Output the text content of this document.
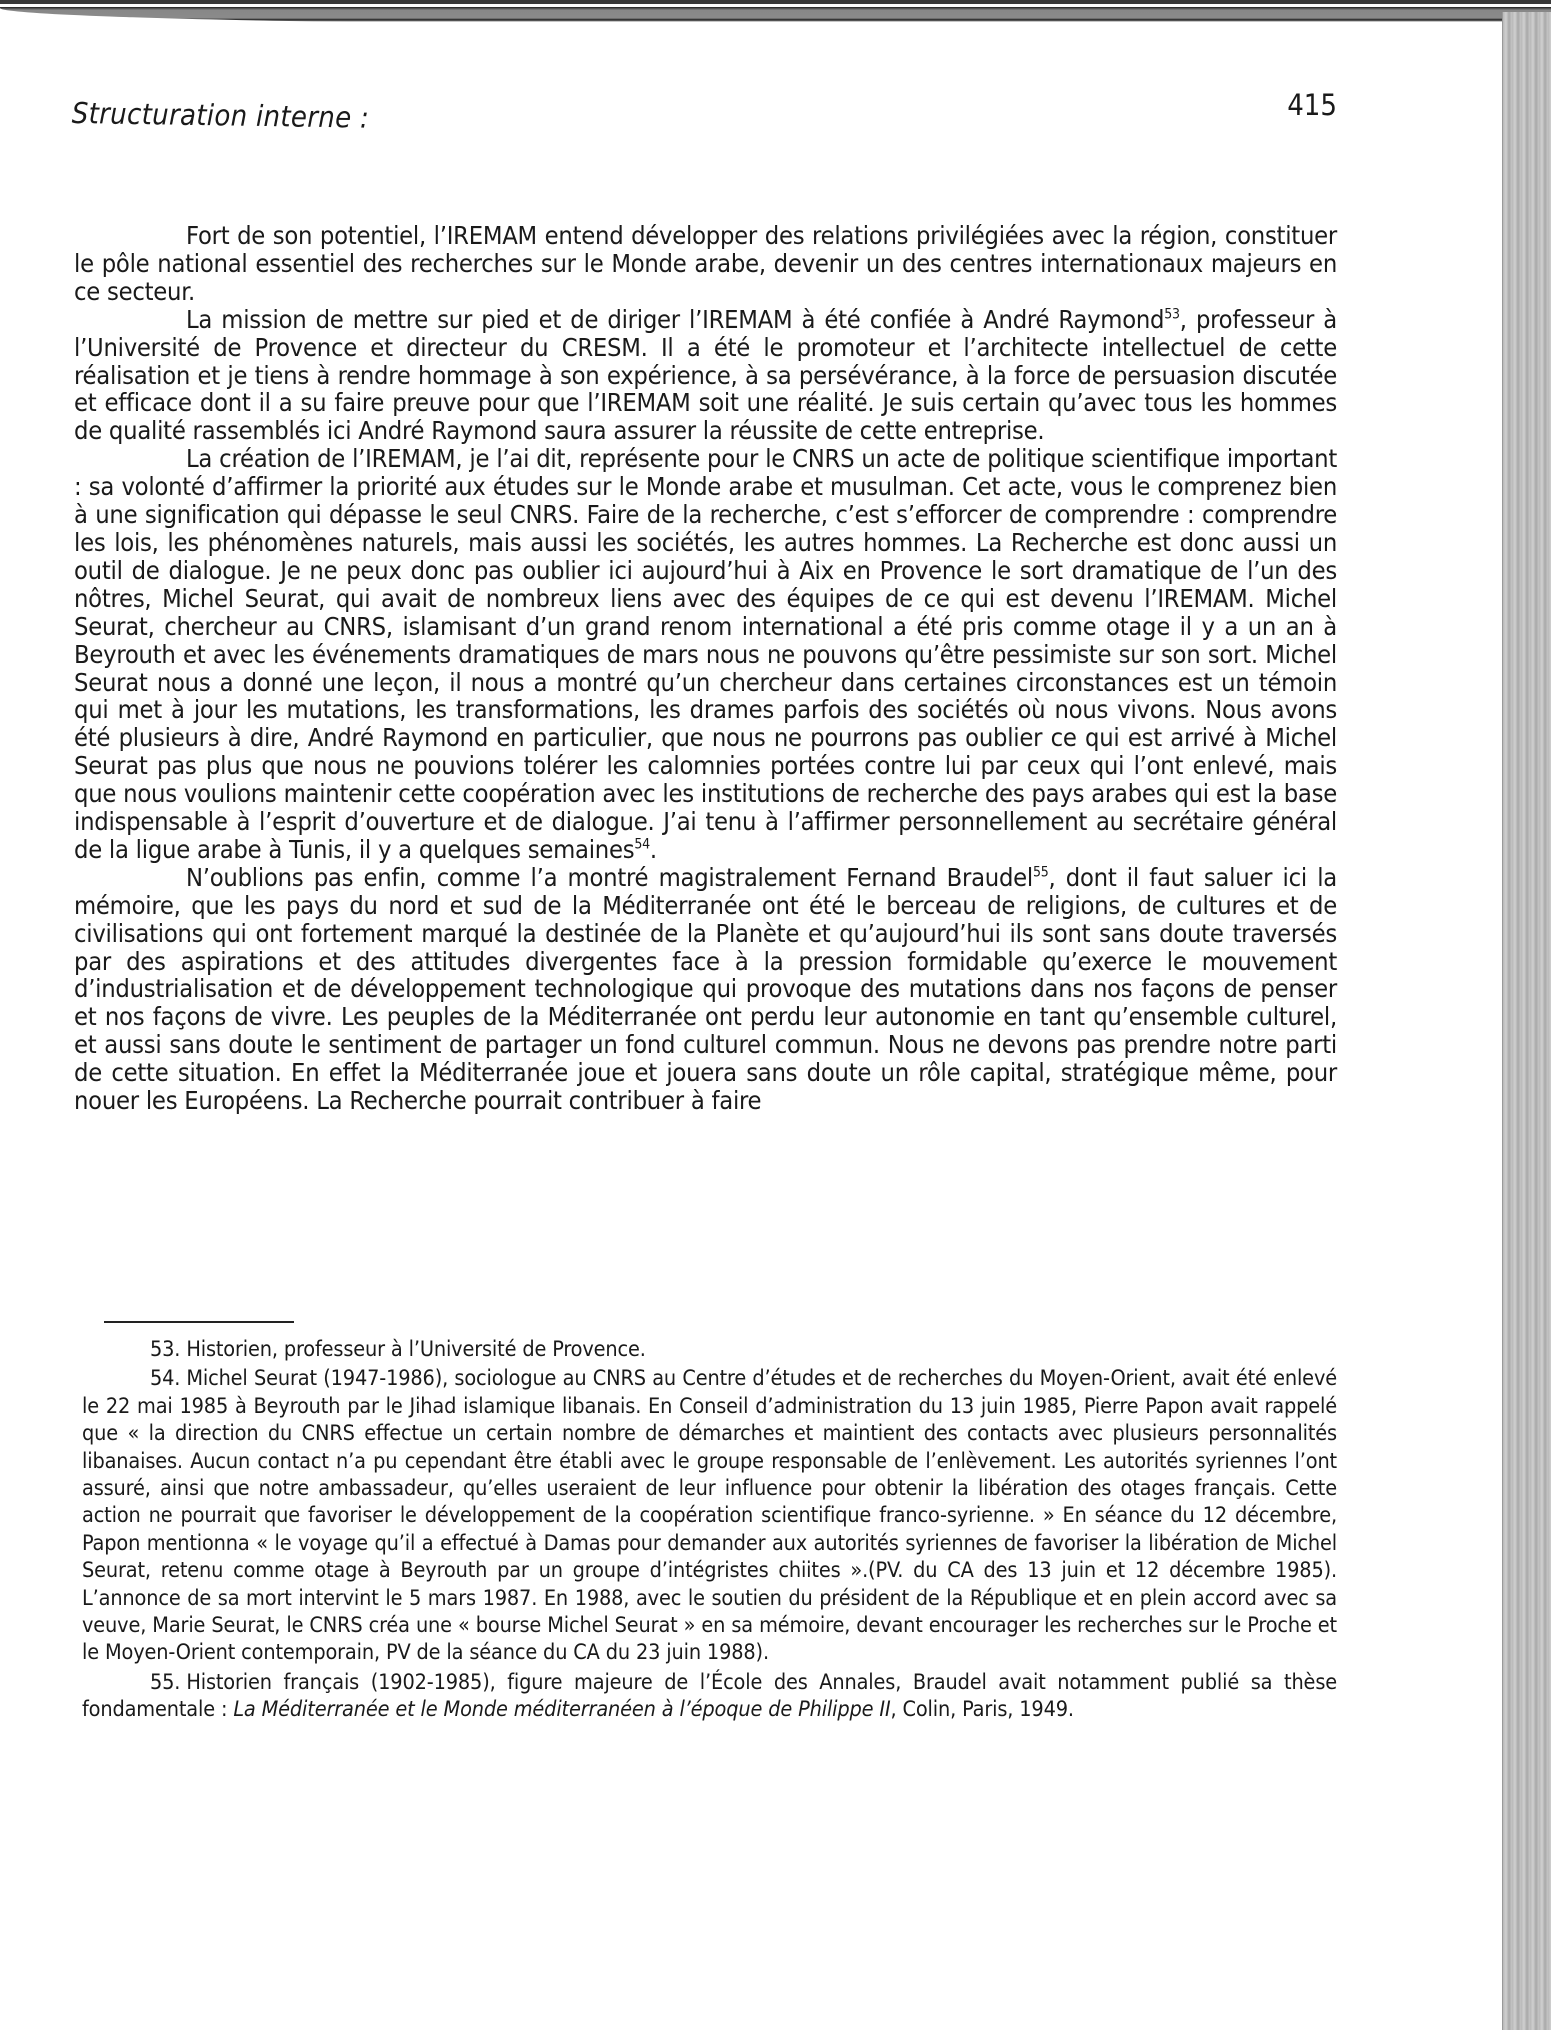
Structuration interne :	415

Fort de son potentiel, l’IREMAM entend développer des relations privilégiées avec la région, constituer le pôle national essentiel des recherches sur le Monde arabe, devenir un des centres internationaux majeurs en ce secteur.

La mission de mettre sur pied et de diriger l’IREMAM à été confiée à André Raymond$^{53}$, professeur à l’Université de Provence et directeur du CRESM. Il a été le promoteur et l’architecte intellectuel de cette réalisation et je tiens à rendre hommage à son expérience, à sa persévérance, à la force de persuasion discutée et efficace dont il a su faire preuve pour que l’IREMAM soit une réalité. Je suis certain qu’avec tous les hommes de qualité rassemblés ici André Raymond saura assurer la réussite de cette entreprise.

La création de l’IREMAM, je l’ai dit, représente pour le CNRS un acte de politique scientifique important : sa volonté d’affirmer la priorité aux études sur le Monde arabe et musulman. Cet acte, vous le comprenez bien à une signification qui dépasse le seul CNRS. Faire de la recherche, c’est s’efforcer de comprendre : comprendre les lois, les phénomènes naturels, mais aussi les sociétés, les autres hommes. La Recherche est donc aussi un outil de dialogue. Je ne peux donc pas oublier ici aujourd’hui à Aix en Provence le sort dramatique de l’un des nôtres, Michel Seurat, qui avait de nombreux liens avec des équipes de ce qui est devenu l’IREMAM. Michel Seurat, chercheur au CNRS, islamisant d’un grand renom international a été pris comme otage il y a un an à Beyrouth et avec les événements dramatiques de mars nous ne pouvons qu’être pessimiste sur son sort. Michel Seurat nous a donné une leçon, il nous a montré qu’un chercheur dans certaines circonstances est un témoin qui met à jour les mutations, les transformations, les drames parfois des sociétés où nous vivons. Nous avons été plusieurs à dire, André Raymond en particulier, que nous ne pourrons pas oublier ce qui est arrivé à Michel Seurat pas plus que nous ne pouvions tolérer les calomnies portées contre lui par ceux qui l’ont enlevé, mais que nous voulions maintenir cette coopération avec les institutions de recherche des pays arabes qui est la base indispensable à l’esprit d’ouverture et de dialogue. J’ai tenu à l’affirmer personnellement au secrétaire général de la ligue arabe à Tunis, il y a quelques semaines$^{54}$.

N’oublions pas enfin, comme l’a montré magistralement Fernand Braudel$^{55}$, dont il faut saluer ici la mémoire, que les pays du nord et sud de la Méditerranée ont été le berceau de religions, de cultures et de civilisations qui ont fortement marqué la destinée de la Planète et qu’aujourd’hui ils sont sans doute traversés par des aspirations et des attitudes divergentes face à la pression formidable qu’exerce le mouvement d’industrialisation et de développement technologique qui provoque des mutations dans nos façons de penser et nos façons de vivre. Les peuples de la Méditerranée ont perdu leur autonomie en tant qu’ensemble culturel, et aussi sans doute le sentiment de partager un fond culturel commun. Nous ne devons pas prendre notre parti de cette situation. En effet la Méditerranée joue et jouera sans doute un rôle capital, stratégique même, pour nouer les Européens. La Recherche pourrait contribuer à faire

53. Historien, professeur à l’Université de Provence.

54. Michel Seurat (1947-1986), sociologue au CNRS au Centre d’études et de recherches du Moyen-Orient, avait été enlevé le 22 mai 1985 à Beyrouth par le Jihad islamique libanais. En Conseil d’administration du 13 juin 1985, Pierre Papon avait rappelé que « la direction du CNRS effectue un certain nombre de démarches et maintient des contacts avec plusieurs personnalités libanaises. Aucun contact n’a pu cependant être établi avec le groupe responsable de l’enlèvement. Les autorités syriennes l’ont assuré, ainsi que notre ambassadeur, qu’elles useraient de leur influence pour obtenir la libération des otages français. Cette action ne pourrait que favoriser le développement de la coopération scientifique franco-syrienne. » En séance du 12 décembre, Papon mentionna « le voyage qu’il a effectué à Damas pour demander aux autorités syriennes de favoriser la libération de Michel Seurat, retenu comme otage à Beyrouth par un groupe d’intégristes chiites ».(PV. du CA des 13 juin et 12 décembre 1985). L’annonce de sa mort intervint le 5 mars 1987. En 1988, avec le soutien du président de la République et en plein accord avec sa veuve, Marie Seurat, le CNRS créa une « bourse Michel Seurat » en sa mémoire, devant encourager les recherches sur le Proche et le Moyen-Orient contemporain, PV de la séance du CA du 23 juin 1988).

55. Historien français (1902-1985), figure majeure de l’École des Annales, Braudel avait notamment publié sa thèse fondamentale : La Méditerranée et le Monde méditerranéen à l’époque de Philippe II, Colin, Paris, 1949.
